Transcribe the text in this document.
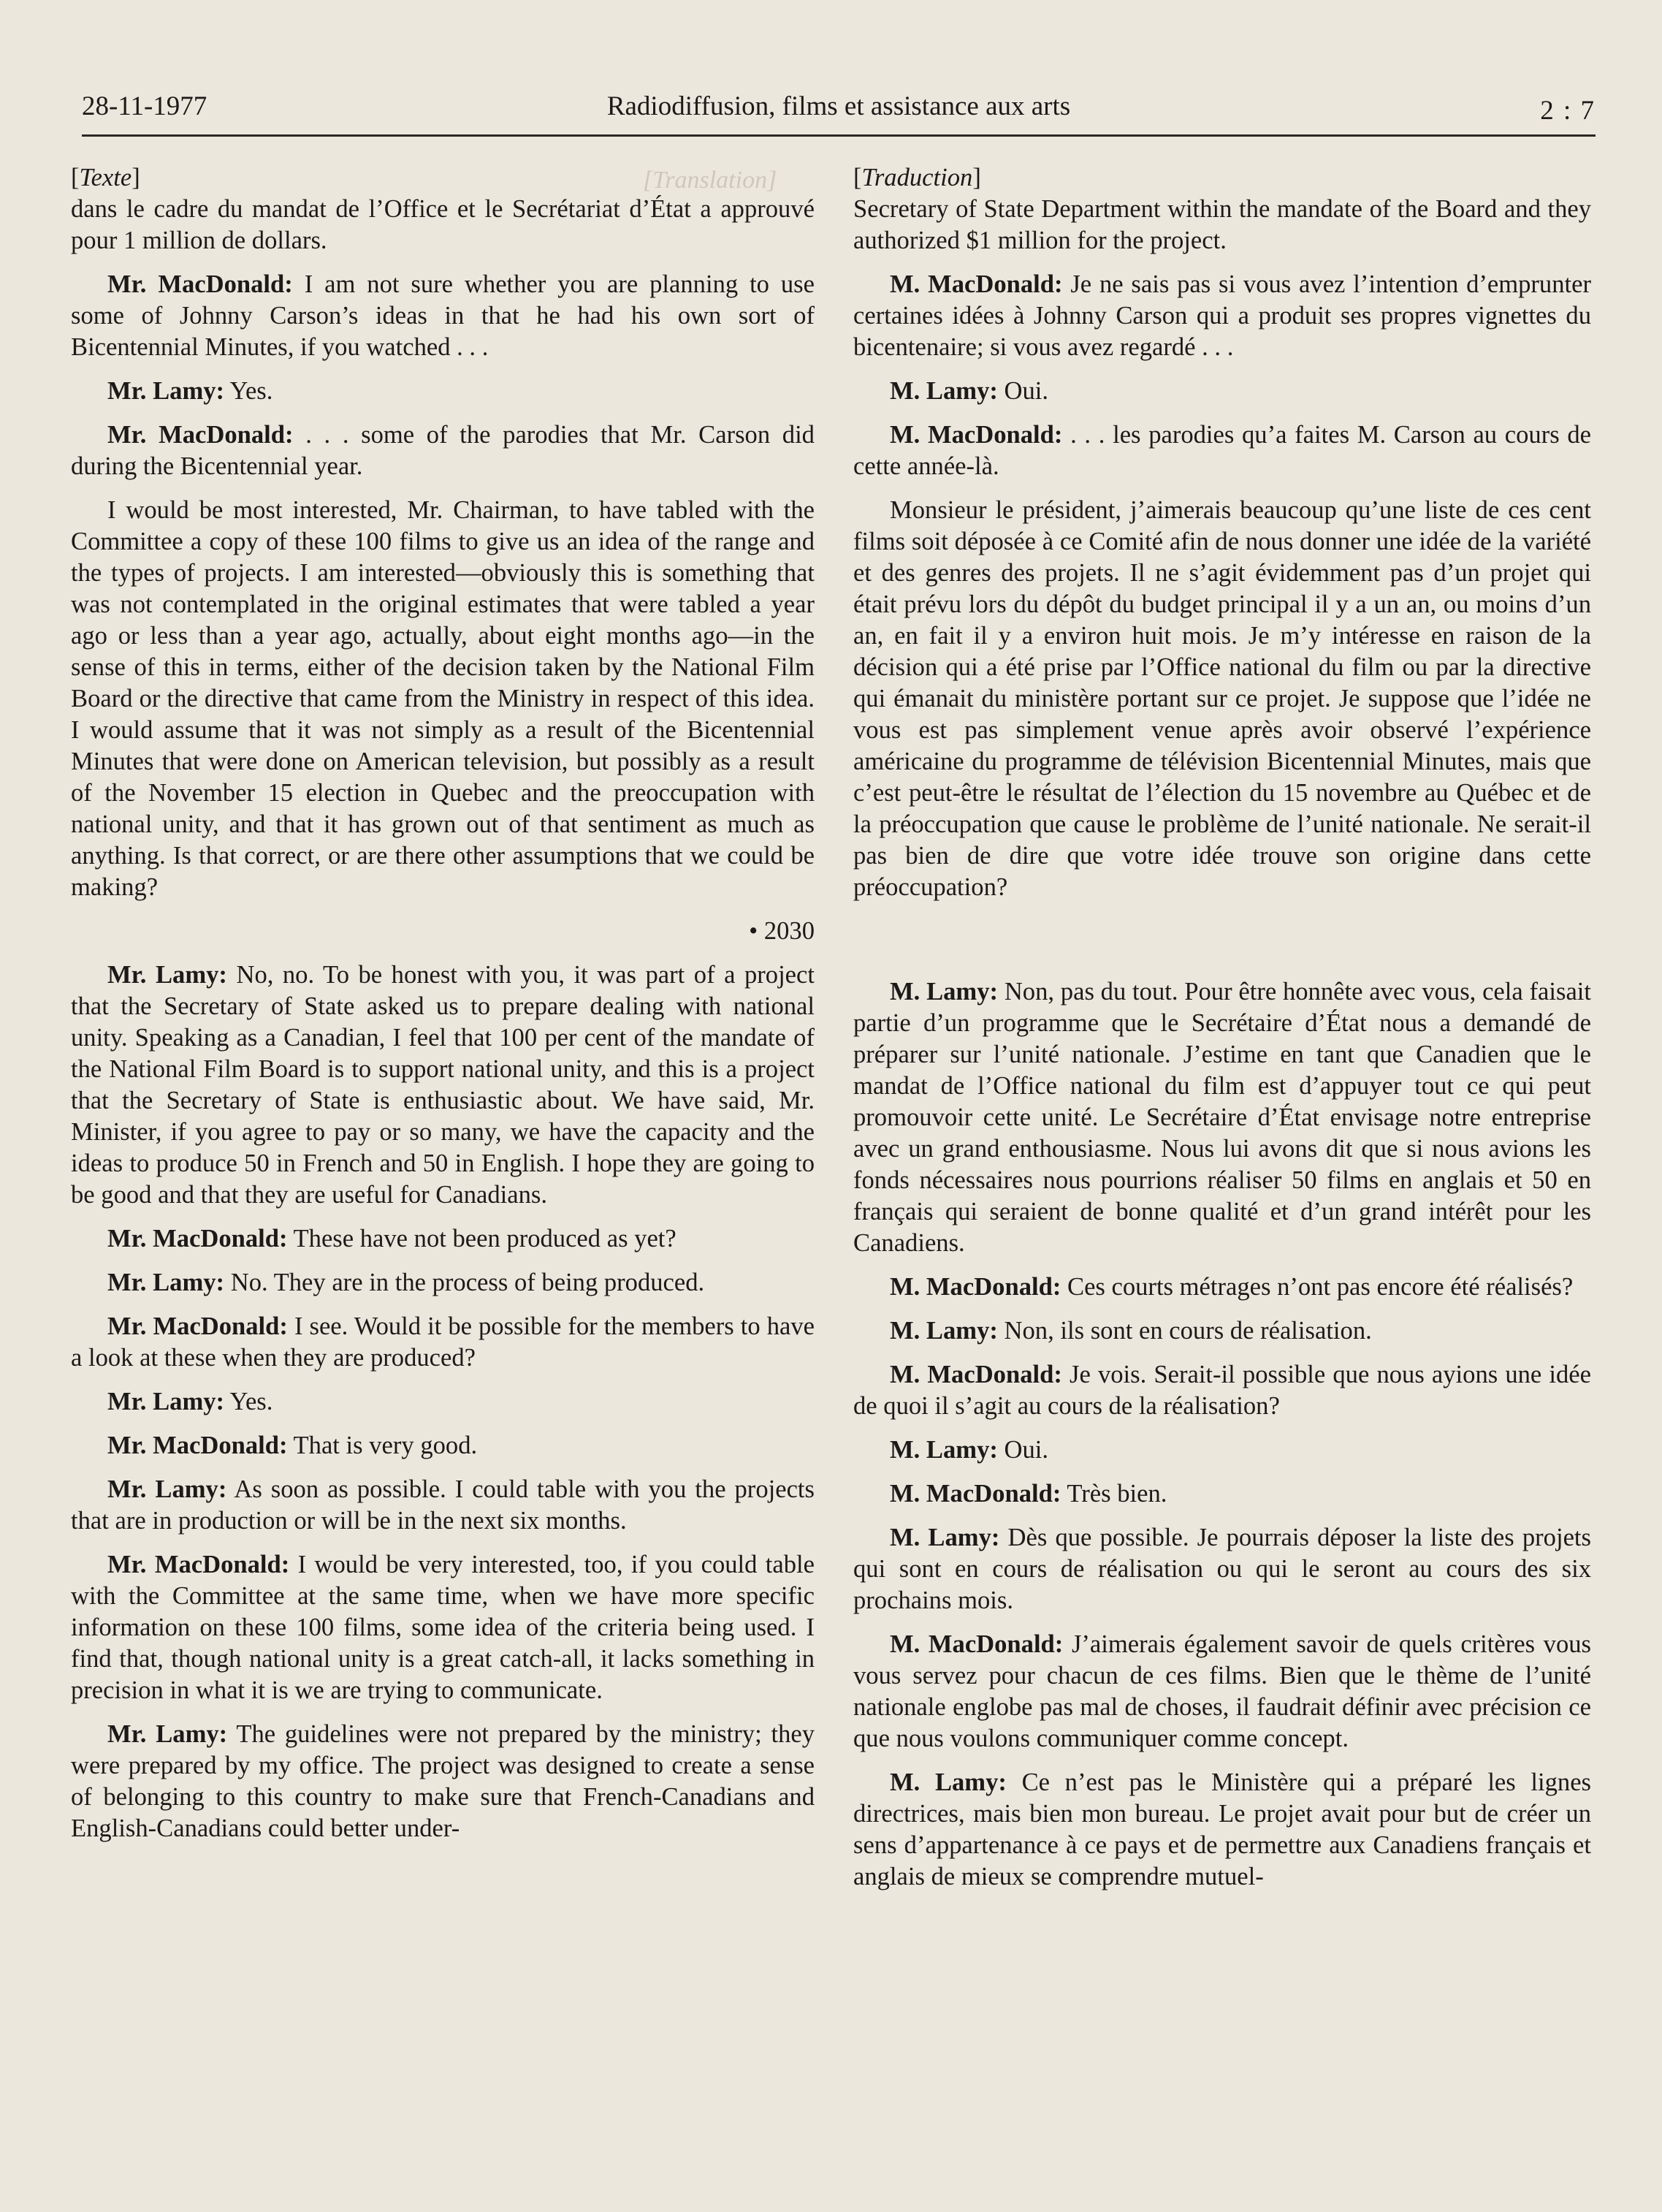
28-11-1977	Radiodiffusion, films et assistance aux arts	2 : 7
[Translation]

[Texte]

dans le cadre du mandat de l’Office et le Secrétariat d’État a approuvé pour 1 million de dollars.

Mr. MacDonald: I am not sure whether you are planning to use some of Johnny Carson’s ideas in that he had his own sort of Bicentennial Minutes, if you watched . . .

Mr. Lamy: Yes.

Mr. MacDonald: . . . some of the parodies that Mr. Carson did during the Bicentennial year.

I would be most interested, Mr. Chairman, to have tabled with the Committee a copy of these 100 films to give us an idea of the range and the types of projects. I am interested—obviously this is something that was not contemplated in the original estimates that were tabled a year ago or less than a year ago, actually, about eight months ago—in the sense of this in terms, either of the decision taken by the National Film Board or the directive that came from the Ministry in respect of this idea. I would assume that it was not simply as a result of the Bicentennial Minutes that were done on American television, but possibly as a result of the November 15 election in Quebec and the preoccupation with national unity, and that it has grown out of that sentiment as much as anything. Is that correct, or are there other assumptions that we could be making?

• 2030

Mr. Lamy: No, no. To be honest with you, it was part of a project that the Secretary of State asked us to prepare dealing with national unity. Speaking as a Canadian, I feel that 100 per cent of the mandate of the National Film Board is to support national unity, and this is a project that the Secretary of State is enthusiastic about. We have said, Mr. Minister, if you agree to pay or so many, we have the capacity and the ideas to produce 50 in French and 50 in English. I hope they are going to be good and that they are useful for Canadians.

Mr. MacDonald: These have not been produced as yet?

Mr. Lamy: No. They are in the process of being produced.

Mr. MacDonald: I see. Would it be possible for the members to have a look at these when they are produced?

Mr. Lamy: Yes.

Mr. MacDonald: That is very good.

Mr. Lamy: As soon as possible. I could table with you the projects that are in production or will be in the next six months.

Mr. MacDonald: I would be very interested, too, if you could table with the Committee at the same time, when we have more specific information on these 100 films, some idea of the criteria being used. I find that, though national unity is a great catch-all, it lacks something in precision in what it is we are trying to communicate.

Mr. Lamy: The guidelines were not prepared by the ministry; they were prepared by my office. The project was designed to create a sense of belonging to this country to make sure that French-Canadians and English-Canadians could better under-

[Traduction]

Secretary of State Department within the mandate of the Board and they authorized $1 million for the project.

M. MacDonald: Je ne sais pas si vous avez l’intention d’emprunter certaines idées à Johnny Carson qui a produit ses propres vignettes du bicentenaire; si vous avez regardé . . .

M. Lamy: Oui.

M. MacDonald: . . . les parodies qu’a faites M. Carson au cours de cette année-là.

Monsieur le président, j’aimerais beaucoup qu’une liste de ces cent films soit déposée à ce Comité afin de nous donner une idée de la variété et des genres des projets. Il ne s’agit évidemment pas d’un projet qui était prévu lors du dépôt du budget principal il y a un an, ou moins d’un an, en fait il y a environ huit mois. Je m’y intéresse en raison de la décision qui a été prise par l’Office national du film ou par la directive qui émanait du ministère portant sur ce projet. Je suppose que l’idée ne vous est pas simplement venue après avoir observé l’expérience américaine du programme de télévision Bicentennial Minutes, mais que c’est peut-être le résultat de l’élection du 15 novembre au Québec et de la préoccupation que cause le problème de l’unité nationale. Ne serait-il pas bien de dire que votre idée trouve son origine dans cette préoccupation?

M. Lamy: Non, pas du tout. Pour être honnête avec vous, cela faisait partie d’un programme que le Secrétaire d’État nous a demandé de préparer sur l’unité nationale. J’estime en tant que Canadien que le mandat de l’Office national du film est d’appuyer tout ce qui peut promouvoir cette unité. Le Secrétaire d’État envisage notre entreprise avec un grand enthousiasme. Nous lui avons dit que si nous avions les fonds nécessaires nous pourrions réaliser 50 films en anglais et 50 en français qui seraient de bonne qualité et d’un grand intérêt pour les Canadiens.

M. MacDonald: Ces courts métrages n’ont pas encore été réalisés?

M. Lamy: Non, ils sont en cours de réalisation.

M. MacDonald: Je vois. Serait-il possible que nous ayions une idée de quoi il s’agit au cours de la réalisation?

M. Lamy: Oui.

M. MacDonald: Très bien.

M. Lamy: Dès que possible. Je pourrais déposer la liste des projets qui sont en cours de réalisation ou qui le seront au cours des six prochains mois.

M. MacDonald: J’aimerais également savoir de quels critères vous vous servez pour chacun de ces films. Bien que le thème de l’unité nationale englobe pas mal de choses, il faudrait définir avec précision ce que nous voulons communiquer comme concept.

M. Lamy: Ce n’est pas le Ministère qui a préparé les lignes directrices, mais bien mon bureau. Le projet avait pour but de créer un sens d’appartenance à ce pays et de permettre aux Canadiens français et anglais de mieux se comprendre mutuel-
